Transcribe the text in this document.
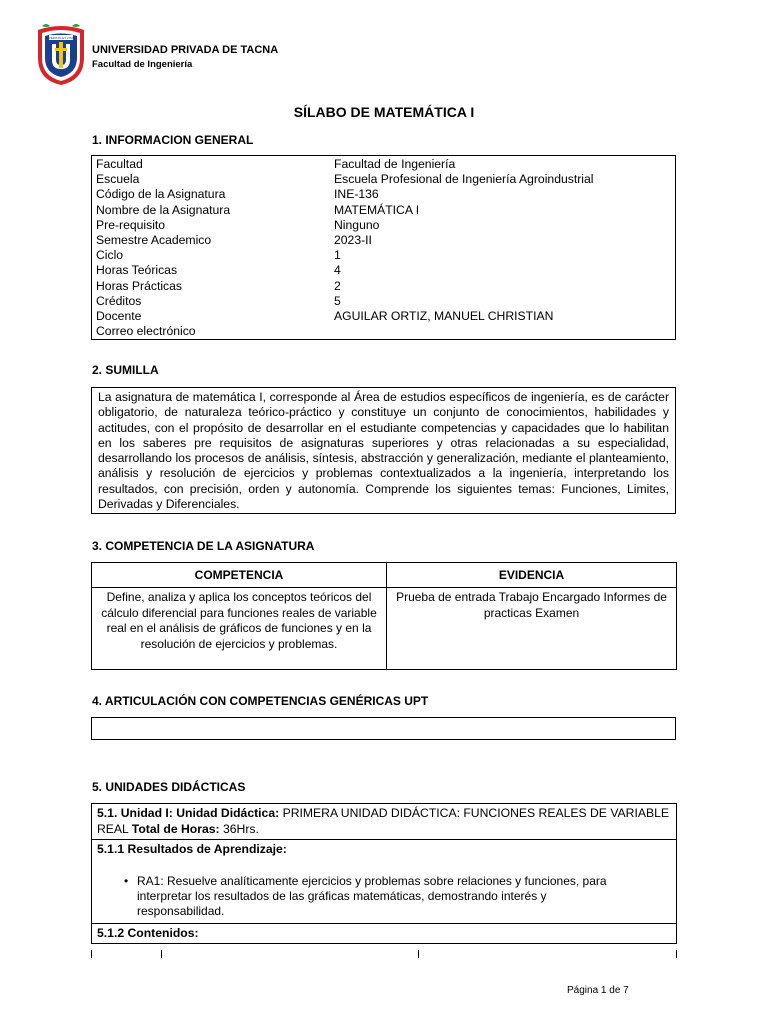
VERITAS ET VITA
UNIVERSIDAD PRIVADA DE TACNA
Facultad de Ingeniería
SÍLABO DE MATEMÁTICA I
1. INFORMACION GENERAL
Facultad	Facultad de Ingeniería
Escuela	Escuela Profesional de Ingeniería Agroindustrial
Código de la Asignatura	INE-136
Nombre de la Asignatura	MATEMÁTICA I
Pre-requisito	Ninguno
Semestre Academico	2023-II
Ciclo	1
Horas Teóricas	4
Horas Prácticas	2
Créditos	5
Docente	AGUILAR ORTIZ, MANUEL CHRISTIAN
Correo electrónico	
2. SUMILLA
La asignatura de matemática I, corresponde al Área de estudios específicos de ingeniería, es de carácter obligatorio, de naturaleza teórico-práctico y constituye un conjunto de conocimientos, habilidades y actitudes, con el propósito de desarrollar en el estudiante competencias y capacidades que lo habilitan en los saberes pre requisitos de asignaturas superiores y otras relacionadas a su especialidad, desarrollando los procesos de análisis, síntesis, abstracción y generalización, mediante el planteamiento, análisis y resolución de ejercicios y problemas contextualizados a la ingeniería, interpretando los resultados, con precisión, orden y autonomía. Comprende los siguientes temas: Funciones, Limites, Derivadas y Diferenciales.
3. COMPETENCIA DE LA ASIGNATURA
COMPETENCIA	EVIDENCIA
Define, analiza y aplica los conceptos teóricos del cálculo diferencial para funciones reales de variable real en el análisis de gráficos de funciones y en la resolución de ejercicios y problemas.	Prueba de entrada Trabajo Encargado Informes de practicas Examen
4. ARTICULACIÓN CON COMPETENCIAS GENÉRICAS UPT
5. UNIDADES DIDÁCTICAS
5.1. Unidad I: Unidad Didáctica: PRIMERA UNIDAD DIDÁCTICA: FUNCIONES REALES DE VARIABLE REAL Total de Horas: 36Hrs.
5.1.1 Resultados de Aprendizaje:
• RA1: Resuelve analíticamente ejercicios y problemas sobre relaciones y funciones, para interpretar los resultados de las gráficas matemáticas, demostrando interés y responsabilidad.
5.1.2 Contenidos:
Página 1 de 7
